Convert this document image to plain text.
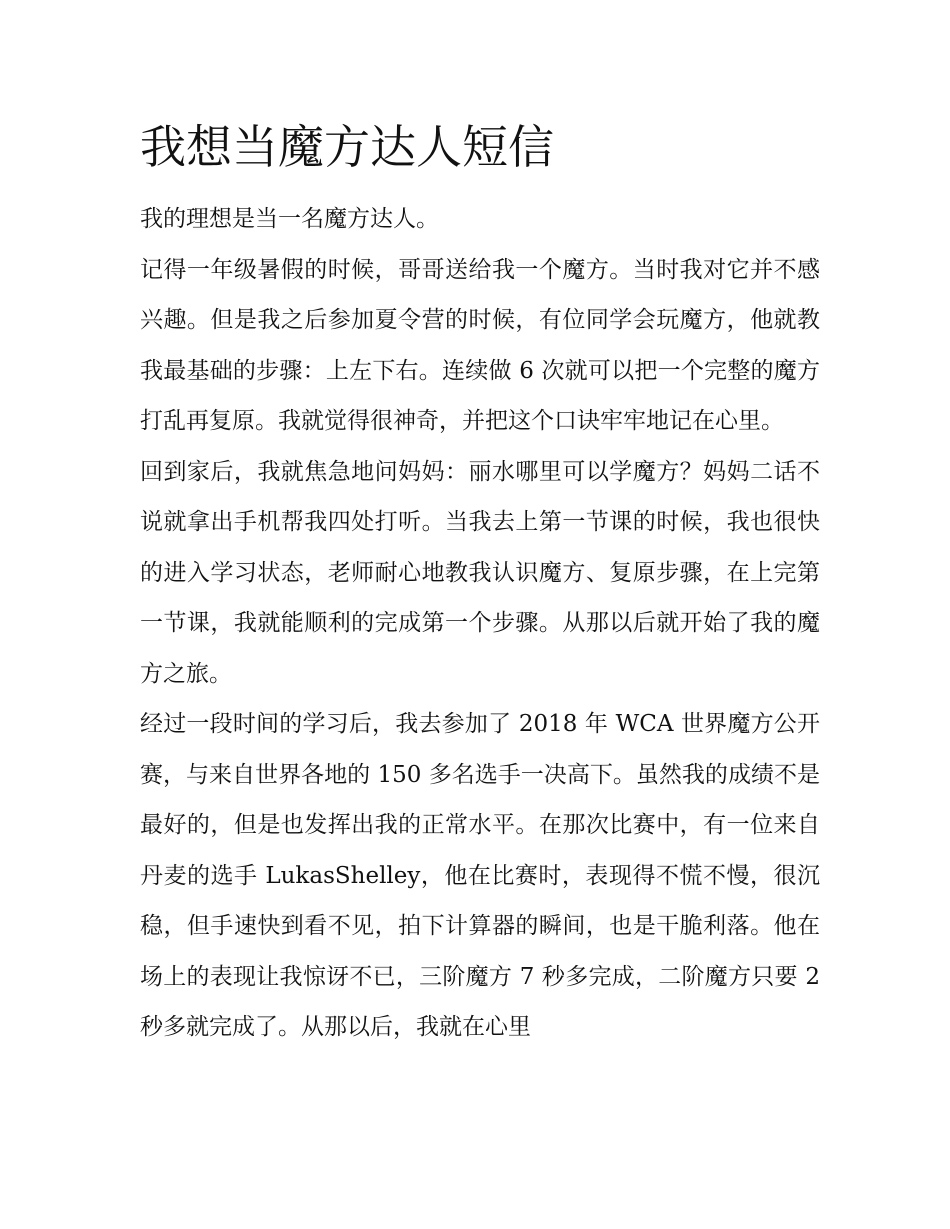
我想当魔方达人短信

我的理想是当一名魔方达人。

记得一年级暑假的时候，哥哥送给我一个魔方。当时我对它并不感兴趣。但是我之后参加夏令营的时候，有位同学会玩魔方，他就教我最基础的步骤：上左下右。连续做 6 次就可以把一个完整的魔方打乱再复原。我就觉得很神奇，并把这个口诀牢牢地记在心里。

回到家后，我就焦急地问妈妈：丽水哪里可以学魔方？妈妈二话不说就拿出手机帮我四处打听。当我去上第一节课的时候，我也很快的进入学习状态，老师耐心地教我认识魔方、复原步骤，在上完第一节课，我就能顺利的完成第一个步骤。从那以后就开始了我的魔方之旅。

经过一段时间的学习后，我去参加了 2018 年 WCA 世界魔方公开赛，与来自世界各地的 150 多名选手一决高下。虽然我的成绩不是最好的，但是也发挥出我的正常水平。在那次比赛中，有一位来自丹麦的选手 LukasShelley，他在比赛时，表现得不慌不慢，很沉稳，但手速快到看不见，拍下计算器的瞬间，也是干脆利落。他在场上的表现让我惊讶不已，三阶魔方 7 秒多完成，二阶魔方只要 2 秒多就完成了。从那以后，我就在心里
